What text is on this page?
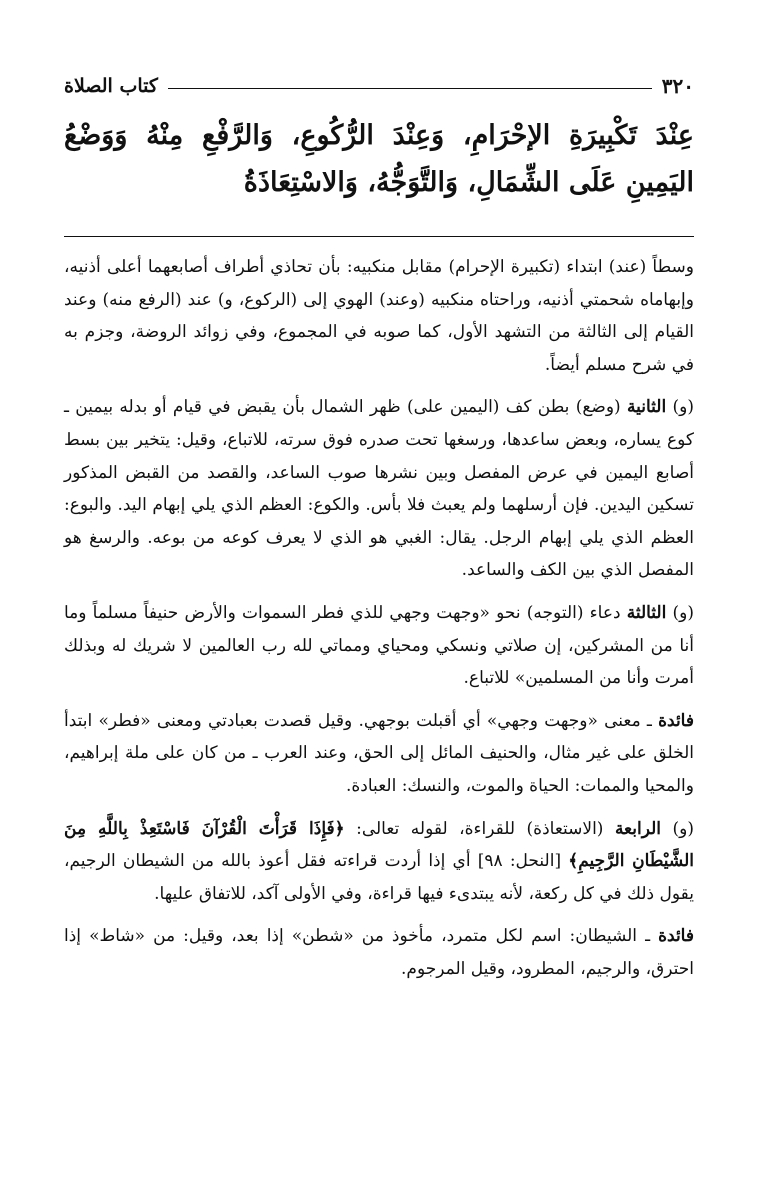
٣٢٠
كتاب الصلاة
عِنْدَ تَكْبِيرَةِ الإحْرَامِ، وَعِنْدَ الرُّكُوعِ، وَالرَّفْعِ مِنْهُ وَوَضْعُ اليَمِينِ عَلَى الشِّمَالِ، وَالتَّوَجُّهُ، وَالاسْتِعَاذَةُ

وسطاً (عند) ابتداء (تكبيرة الإحرام) مقابل منكبيه: بأن تحاذي أطراف أصابعهما أعلى أذنيه، وإبهاماه شحمتي أذنيه، وراحتاه منكبيه (وعند) الهوي إلى (الركوع، و) عند (الرفع منه) وعند القيام إلى الثالثة من التشهد الأول، كما صوبه في المجموع، وفي زوائد الروضة، وجزم به في شرح مسلم أيضاً.

(و) الثانية (وضع) بطن كف (اليمين على) ظهر الشمال بأن يقبض في قيام أو بدله بيمين ـ كوع يساره، وبعض ساعدها، ورسغها تحت صدره فوق سرته، للاتباع، وقيل: يتخير بين بسط أصابع اليمين في عرض المفصل وبين نشرها صوب الساعد، والقصد من القبض المذكور تسكين اليدين. فإن أرسلهما ولم يعبث فلا بأس. والكوع: العظم الذي يلي إبهام اليد. والبوع: العظم الذي يلي إبهام الرجل. يقال: الغبي هو الذي لا يعرف كوعه من بوعه. والرسغ هو المفصل الذي بين الكف والساعد.

(و) الثالثة دعاء (التوجه) نحو «وجهت وجهي للذي فطر السموات والأرض حنيفاً مسلماً وما أنا من المشركين، إن صلاتي ونسكي ومحياي ومماتي لله رب العالمين لا شريك له وبذلك أمرت وأنا من المسلمين» للاتباع.

فائدة ـ معنى «وجهت وجهي» أي أقبلت بوجهي. وقيل قصدت بعبادتي ومعنى «فطر» ابتدأ الخلق على غير مثال، والحنيف المائل إلى الحق، وعند العرب ـ من كان على ملة إبراهيم، والمحيا والممات: الحياة والموت، والنسك: العبادة.

(و) الرابعة (الاستعاذة) للقراءة، لقوله تعالى: ﴿فَإِذَا قَرَأْتَ الْقُرْآنَ فَاسْتَعِذْ بِاللَّهِ مِنَ الشَّيْطَانِ الرَّجِيمِ﴾ [النحل: ٩٨] أي إذا أردت قراءته فقل أعوذ بالله من الشيطان الرجيم، يقول ذلك في كل ركعة، لأنه يبتدىء فيها قراءة، وفي الأولى آكد، للاتفاق عليها.

فائدة ـ الشيطان: اسم لكل متمرد، مأخوذ من «شطن» إذا بعد، وقيل: من «شاط» إذا احترق، والرجيم، المطرود، وقيل المرجوم.
